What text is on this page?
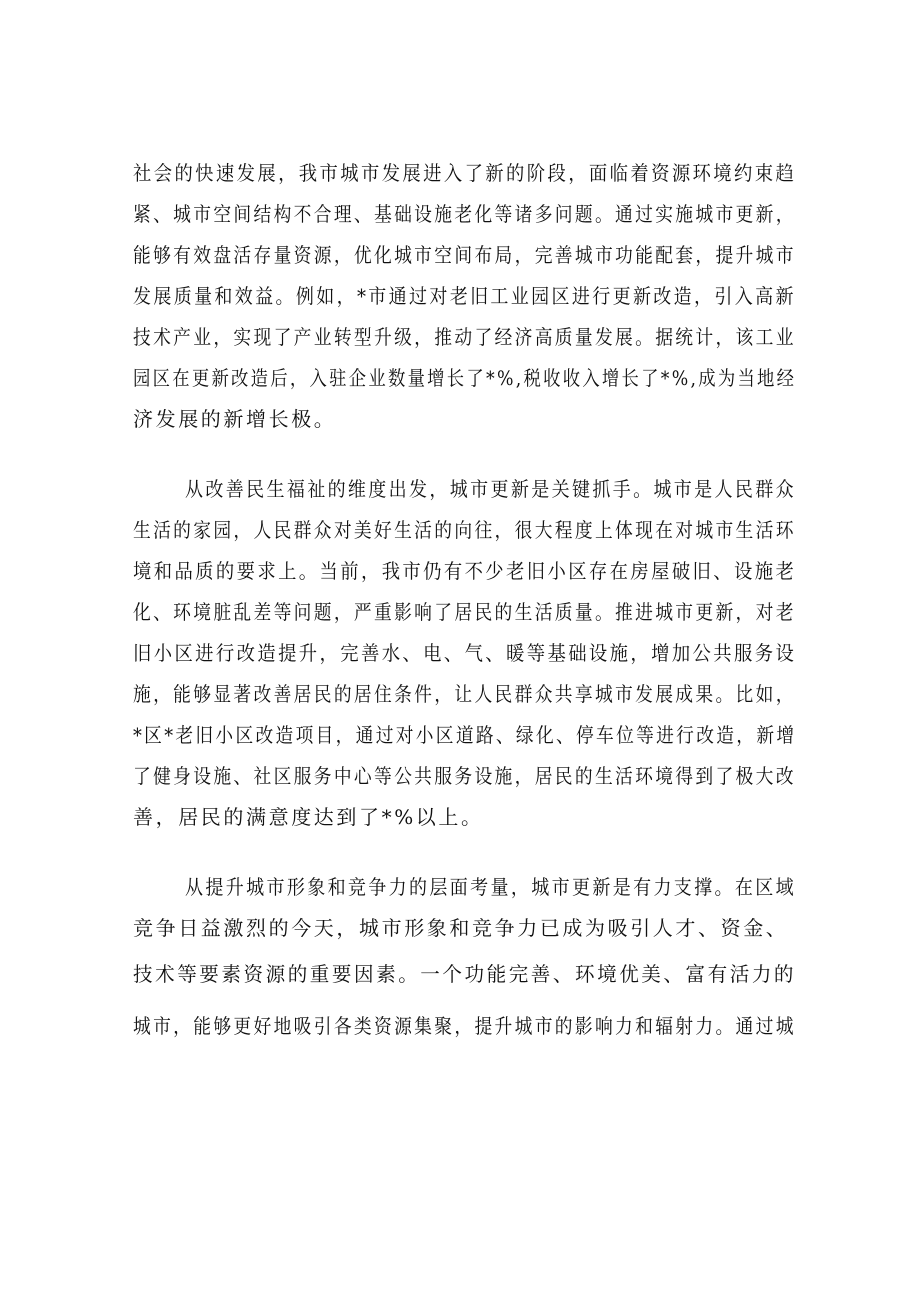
社会的快速发展，我市城市发展进入了新的阶段，面临着资源环境约束趋

紧、城市空间结构不合理、基础设施老化等诸多问题。通过实施城市更新，

能够有效盘活存量资源，优化城市空间布局，完善城市功能配套，提升城市

发展质量和效益。例如，*市通过对老旧工业园区进行更新改造，引入高新

技术产业，实现了产业转型升级，推动了经济高质量发展。据统计，该工业

园区在更新改造后，入驻企业数量增长了*%,税收收入增长了*%,成为当地经

济发展的新增长极。

从改善民生福祉的维度出发，城市更新是关键抓手。城市是人民群众

生活的家园，人民群众对美好生活的向往，很大程度上体现在对城市生活环

境和品质的要求上。当前，我市仍有不少老旧小区存在房屋破旧、设施老

化、环境脏乱差等问题，严重影响了居民的生活质量。推进城市更新，对老

旧小区进行改造提升，完善水、电、气、暖等基础设施，增加公共服务设

施，能够显著改善居民的居住条件，让人民群众共享城市发展成果。比如，

*区*老旧小区改造项目，通过对小区道路、绿化、停车位等进行改造，新增

了健身设施、社区服务中心等公共服务设施，居民的生活环境得到了极大改

善，居民的满意度达到了*%以上。

从提升城市形象和竞争力的层面考量，城市更新是有力支撑。在区域

竞争日益激烈的今天，城市形象和竞争力已成为吸引人才、资金、

技术等要素资源的重要因素。一个功能完善、环境优美、富有活力的

城市，能够更好地吸引各类资源集聚，提升城市的影响力和辐射力。通过城
